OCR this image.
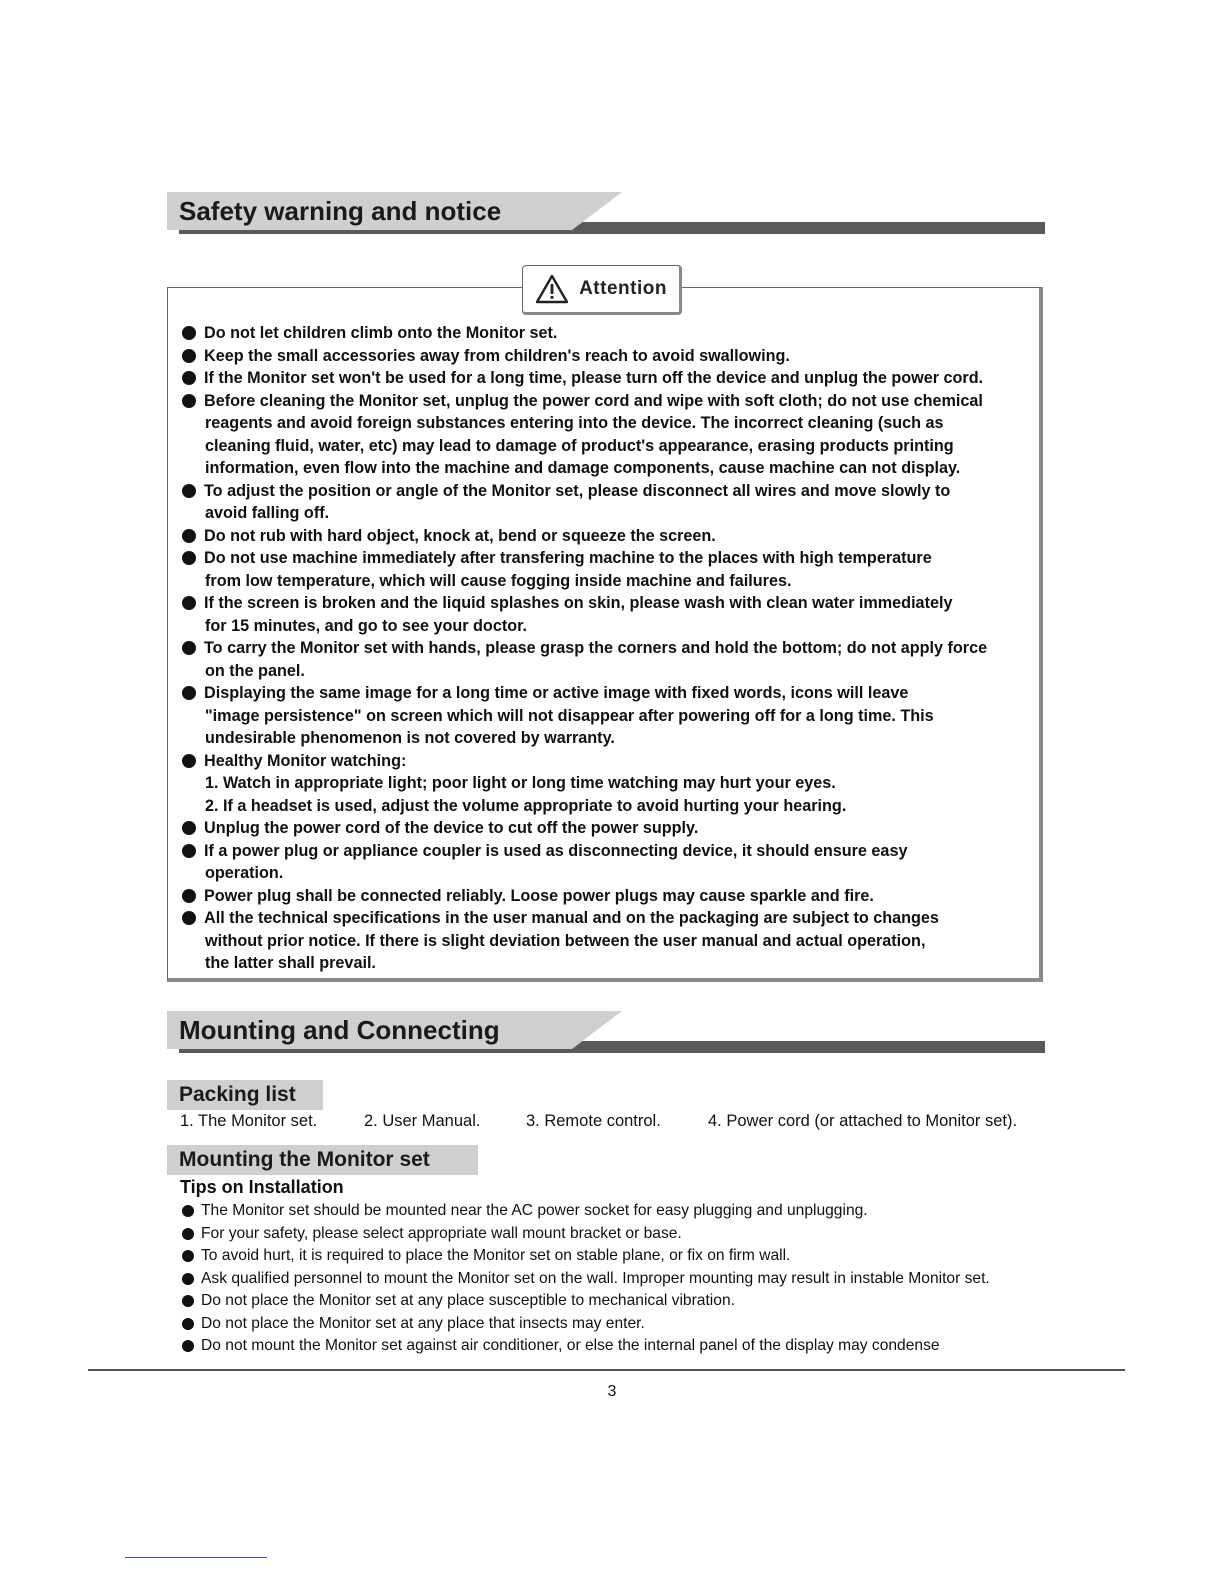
Safety warning and notice
Attention
Do not let children climb onto the Monitor set.
Keep the small accessories away from children's reach to avoid swallowing.
If the Monitor set won't be used for a long time, please turn off the device and unplug the power cord.
Before cleaning the Monitor set, unplug the power cord and wipe with soft cloth; do not use chemical
reagents and avoid foreign substances entering into the device. The incorrect cleaning (such as
cleaning fluid, water, etc) may lead to damage of product's appearance, erasing products printing
information, even flow into the machine and damage components, cause machine can not display.
To adjust the position or angle of the Monitor set, please disconnect all wires and move slowly to
avoid falling off.
Do not rub with hard object, knock at, bend or squeeze the screen.
Do not use machine immediately after transfering machine to the places with high temperature
from low temperature, which will cause fogging inside machine and failures.
If the screen is broken and the liquid splashes on skin, please wash with clean water immediately
for 15 minutes, and go to see your doctor.
To carry the Monitor set with hands, please grasp the corners and hold the bottom; do not apply force
on the panel.
Displaying the same image for a long time or active image with fixed words, icons will leave
"image persistence" on screen which will not disappear after powering off for a long time. This
undesirable phenomenon is not covered by warranty.
Healthy Monitor watching:
1. Watch in appropriate light; poor light or long time watching may hurt your eyes.
2. If a headset is used, adjust the volume appropriate to avoid hurting your hearing.
Unplug the power cord of the device to cut off the power supply.
If a power plug or appliance coupler is used as disconnecting device, it should ensure easy
operation.
Power plug shall be connected reliably. Loose power plugs may cause sparkle and fire.
All the technical specifications in the user manual and on the packaging are subject to changes
without prior notice. If there is slight deviation between the user manual and actual operation,
the latter shall prevail.
Mounting and Connecting
Packing list
1. The Monitor set.	2. User Manual.	3. Remote control.	4. Power cord (or attached to Monitor set).
Mounting the Monitor set
Tips on Installation
The Monitor set should be mounted near the AC power socket for easy plugging and unplugging.
For your safety, please select appropriate wall mount bracket or base.
To avoid hurt, it is required to place the Monitor set on stable plane, or fix on firm wall.
Ask qualified personnel to mount the Monitor set on the wall. Improper mounting may result in instable Monitor set.
Do not place the Monitor set at any place susceptible to mechanical vibration.
Do not place the Monitor set at any place that insects may enter.
Do not mount the Monitor set against air conditioner, or else the internal panel of the display may condense
3
